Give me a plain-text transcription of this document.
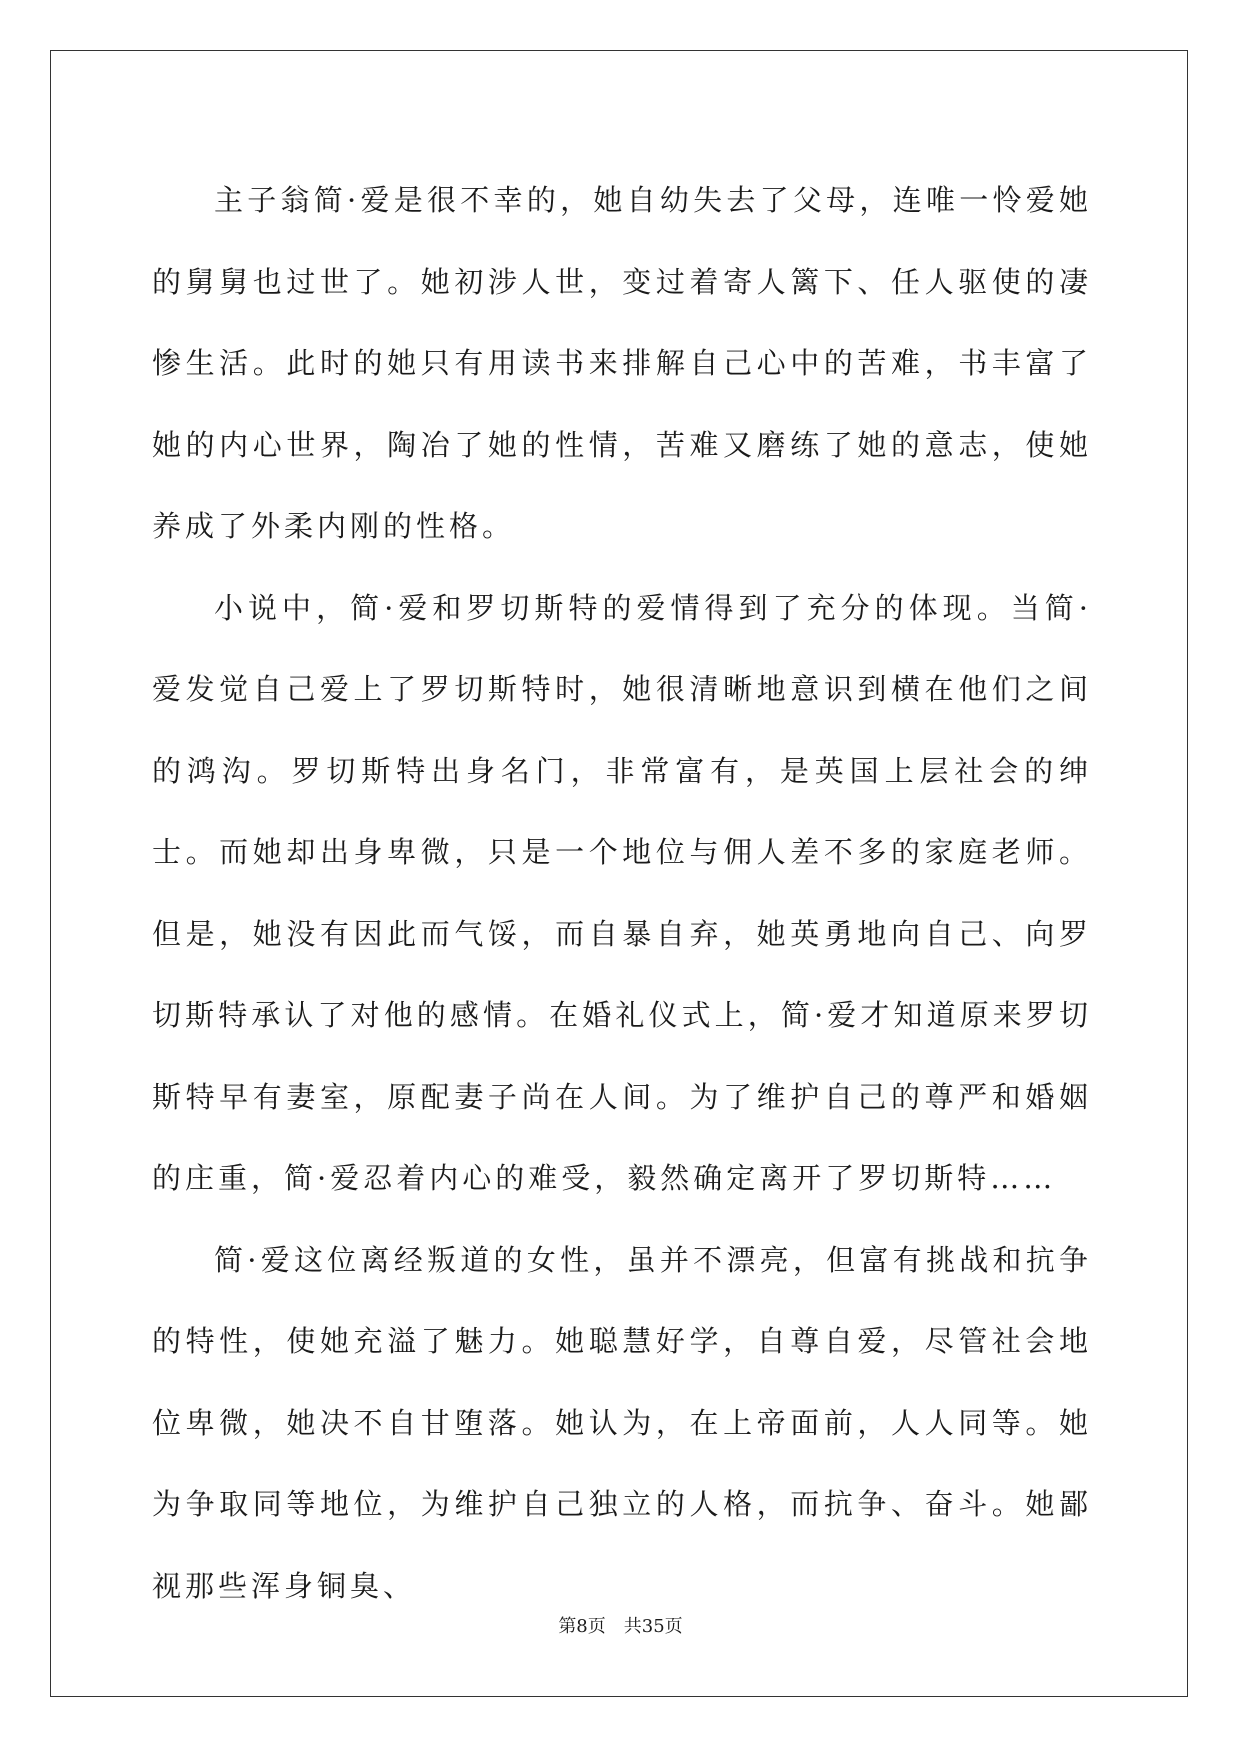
主子翁简·爱是很不幸的，她自幼失去了父母，连唯一怜爱她的舅舅也过世了。她初涉人世，变过着寄人篱下、任人驱使的凄惨生活。此时的她只有用读书来排解自己心中的苦难，书丰富了她的内心世界，陶冶了她的性情，苦难又磨练了她的意志，使她养成了外柔内刚的性格。

小说中，简·爱和罗切斯特的爱情得到了充分的体现。当简·爱发觉自己爱上了罗切斯特时，她很清晰地意识到横在他们之间的鸿沟。罗切斯特出身名门，非常富有，是英国上层社会的绅士。而她却出身卑微，只是一个地位与佣人差不多的家庭老师。但是，她没有因此而气馁，而自暴自弃，她英勇地向自己、向罗切斯特承认了对他的感情。在婚礼仪式上，简·爱才知道原来罗切斯特早有妻室，原配妻子尚在人间。为了维护自己的尊严和婚姻的庄重，简·爱忍着内心的难受，毅然确定离开了罗切斯特……

简·爱这位离经叛道的女性，虽并不漂亮，但富有挑战和抗争的特性，使她充溢了魅力。她聪慧好学，自尊自爱，尽管社会地位卑微，她决不自甘堕落。她认为，在上帝面前，人人同等。她为争取同等地位，为维护自己独立的人格，而抗争、奋斗。她鄙视那些浑身铜臭、

第8页 共35页
